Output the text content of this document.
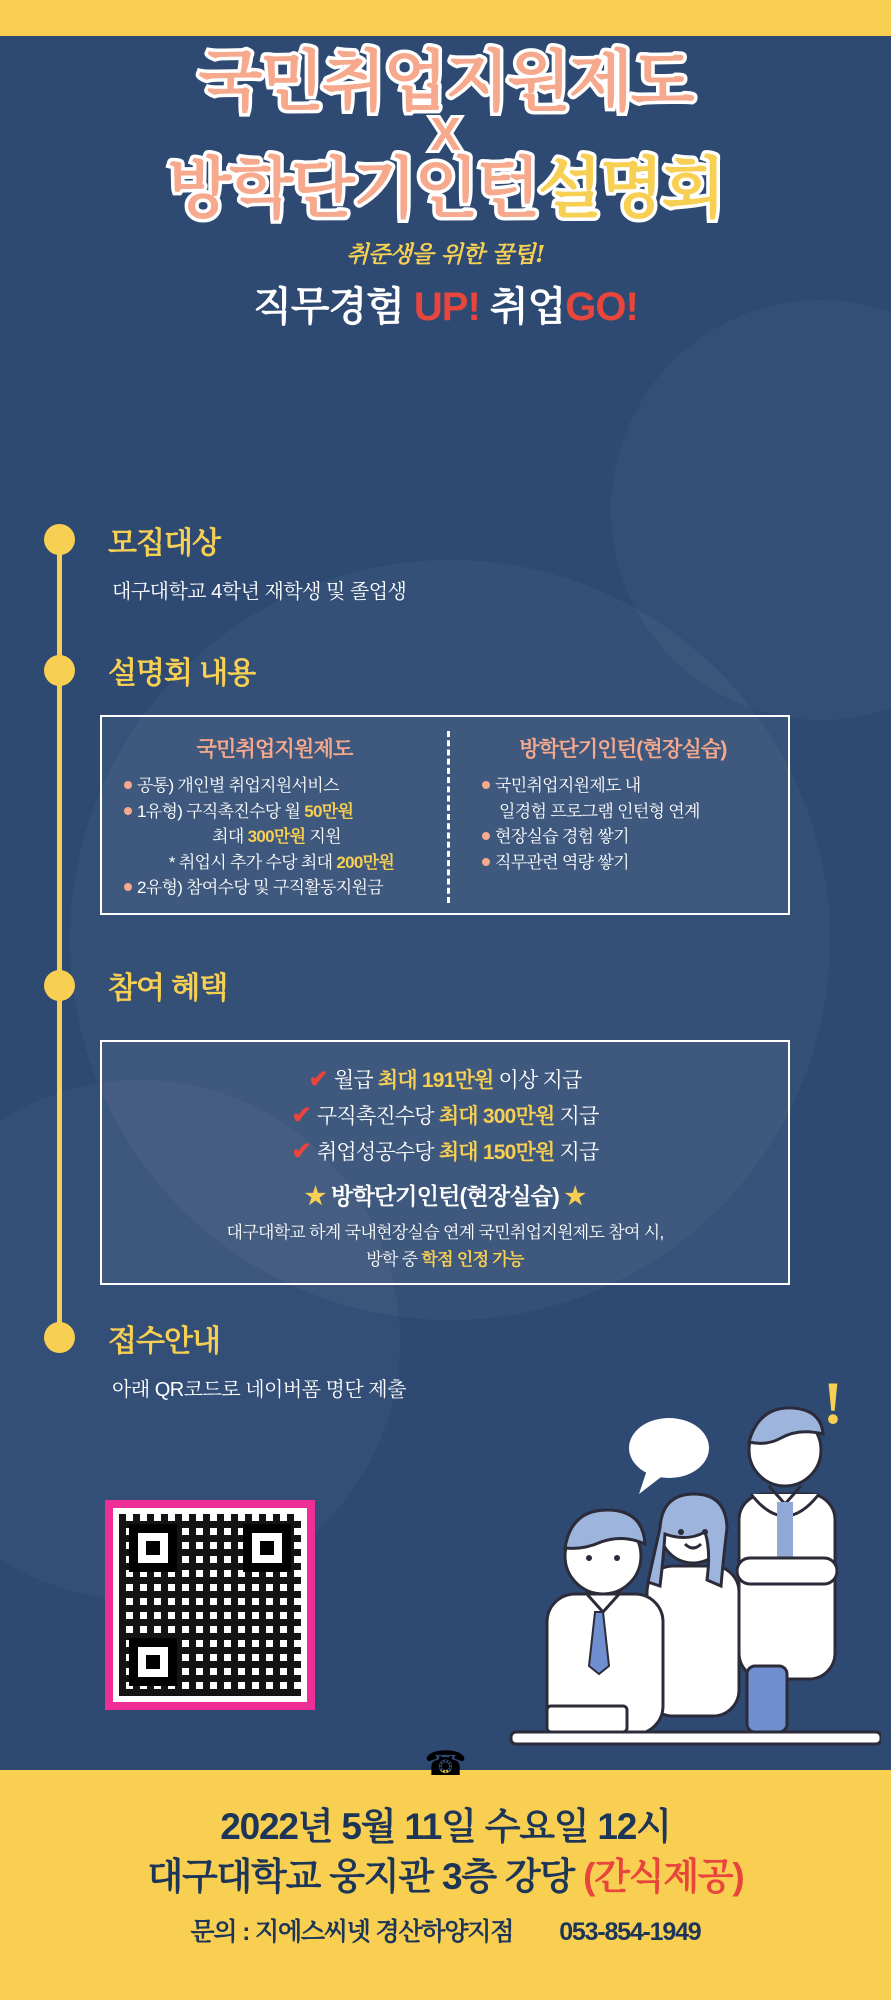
국민취업지원제도
X
방학단기인턴설명회
취준생을 위한 꿀팁!
직무경험 UP! 취업GO!
모집대상
대구대학교 4학년 재학생 및 졸업생
설명회 내용
국민취업지원제도
공통) 개인별 취업지원서비스
1유형) 구직촉진수당 월 50만원
최대 300만원 지원
* 취업시 추가 수당 최대 200만원
2유형) 참여수당 및 구직활동지원금
방학단기인턴(현장실습)
국민취업지원제도 내
일경험 프로그램 인턴형 연계
현장실습 경험 쌓기
직무관련 역량 쌓기
참여 혜택
✔ 월급 최대 191만원 이상 지급
✔ 구직촉진수당 최대 300만원 지급
✔ 취업성공수당 최대 150만원 지급
★ 방학단기인턴(현장실습) ★
대구대학교 하계 국내현장실습 연계 국민취업지원제도 참여 시,
방학 중 학점 인정 가능
접수안내
아래 QR코드로 네이버폼 명단 제출	!
☎
2022년 5월 11일 수요일 12시
대구대학교 웅지관 3층 강당 (간식제공)
문의 : 지에스씨넷 경산하양지점 053-854-1949
